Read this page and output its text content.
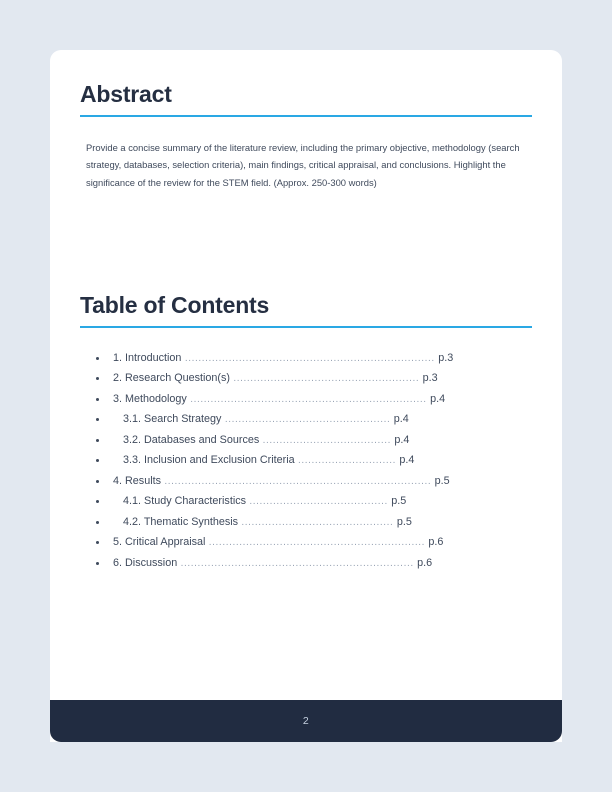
Abstract

Provide a concise summary of the literature review, including the primary objective, methodology (search strategy, databases, selection criteria), main findings, critical appraisal, and conclusions. Highlight the significance of the review for the STEM field. (Approx. 250-300 words)

Table of Contents
1. Introduction .......................................................................... p.3
2. Research Question(s) ....................................................... p.3
3. Methodology ...................................................................... p.4
3.1. Search Strategy ................................................. p.4
3.2. Databases and Sources ...................................... p.4
3.3. Inclusion and Exclusion Criteria ............................. p.4
4. Results ............................................................................... p.5
4.1. Study Characteristics ......................................... p.5
4.2. Thematic Synthesis ............................................. p.5
5. Critical Appraisal ................................................................ p.6
6. Discussion ..................................................................... p.6
2
